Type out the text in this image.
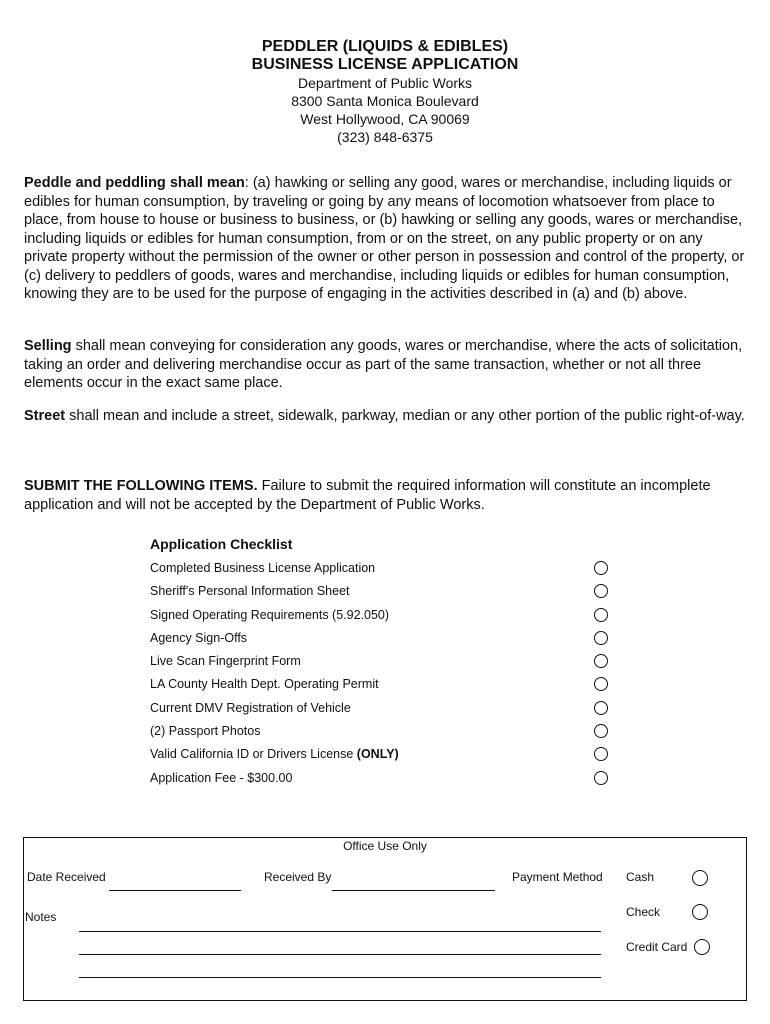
PEDDLER (LIQUIDS & EDIBLES)
BUSINESS LICENSE APPLICATION
Department of Public Works
8300 Santa Monica Boulevard
West Hollywood, CA 90069
(323) 848-6375
Peddle and peddling shall mean: (a) hawking or selling any good, wares or merchandise, including liquids or edibles for human consumption, by traveling or going by any means of locomotion whatsoever from place to place, from house to house or business to business, or (b) hawking or selling any goods, wares or merchandise, including liquids or edibles for human consumption, from or on the street, on any public property or on any private property without the permission of the owner or other person in possession and control of the property, or (c) delivery to peddlers of goods, wares and merchandise, including liquids or edibles for human consumption, knowing they are to be used for the purpose of engaging in the activities described in (a) and (b) above.
Selling shall mean conveying for consideration any goods, wares or merchandise, where the acts of solicitation, taking an order and delivering merchandise occur as part of the same transaction, whether or not all three elements occur in the exact same place.
Street shall mean and include a street, sidewalk, parkway, median or any other portion of the public right-of-way.
SUBMIT THE FOLLOWING ITEMS. Failure to submit the required information will constitute an incomplete application and will not be accepted by the Department of Public Works.
Application Checklist
Completed Business License Application
Sheriff's Personal Information Sheet
Signed Operating Requirements (5.92.050)
Agency Sign-Offs
Live Scan Fingerprint Form
LA County Health Dept. Operating Permit
Current DMV Registration of Vehicle
(2) Passport Photos
Valid California ID or Drivers License (ONLY)
Application Fee - $300.00
Office Use Only
Date Received	Received By	Payment Method Cash
Check
Credit Card
Notes
